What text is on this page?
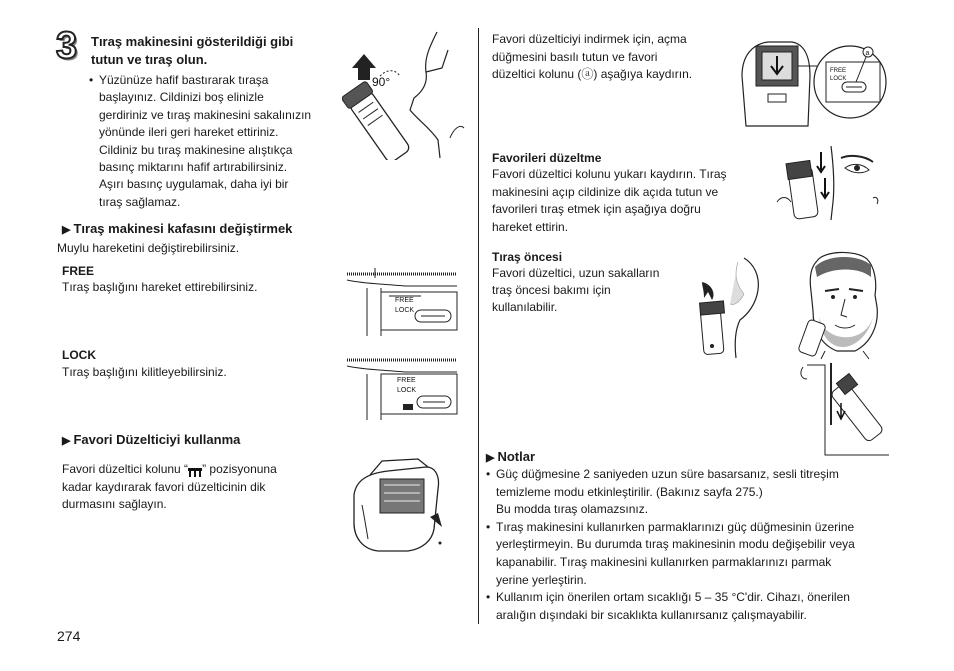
3 Tıraş makinesini gösterildiği gibi
tutun ve tıraş olun.
• Yüzünüze hafif bastırarak tıraşa
başlayınız. Cildinizi boş elinizle
gerdiriniz ve tıraş makinesini sakalınızın
yönünde ileri geri hareket ettiriniz.
Cildiniz bu tıraş makinesine alıştıkça
basınç miktarını hafif artırabilirsiniz.
Aşırı basınç uygulamak, daha iyi bir
tıraş sağlamaz.
90°
▶ Tıraş makinesi kafasını değiştirmek
Muylu hareketini değiştirebilirsiniz.
FREE
Tıraş başlığını hareket ettirebilirsiniz.
LOCK
Tıraş başlığını kilitleyebilirsiniz.
FREE
LOCK
FREE
LOCK
▶ Favori Düzelticiyi kullanma
Favori düzeltici kolunu “ ” pozisyonuna
kadar kaydırarak favori düzelticinin dik
durmasını sağlayın.
274
Favori düzelticiyi indirmek için, açma
düğmesini basılı tutun ve favori
düzeltici kolunu (ⓐ) aşağıya kaydırın.	FREE
LOCK
a
Favorileri düzeltme
Favori düzeltici kolunu yukarı kaydırın. Tıraş
makinesini açıp cildinize dik açıda tutun ve
favorileri tıraş etmek için aşağıya doğru
hareket ettirin.
Tıraş öncesi
Favori düzeltici, uzun sakalların
traş öncesi bakımı için
kullanılabilir.
▶ Notlar
• Güç düğmesine 2 saniyeden uzun süre basarsanız, sesli titreşim
temizleme modu etkinleştirilir. (Bakınız sayfa 275.)
Bu modda tıraş olamazsınız.
• Tıraş makinesini kullanırken parmaklarınızı güç düğmesinin üzerine
yerleştirmeyin. Bu durumda tıraş makinesinin modu değişebilir veya
kapanabilir. Tıraş makinesini kullanırken parmaklarınızı parmak
yerine yerleştirin.
• Kullanım için önerilen ortam sıcaklığı 5 – 35 °C'dir. Cihazı, önerilen
aralığın dışındaki bir sıcaklıkta kullanırsanız çalışmayabilir.
